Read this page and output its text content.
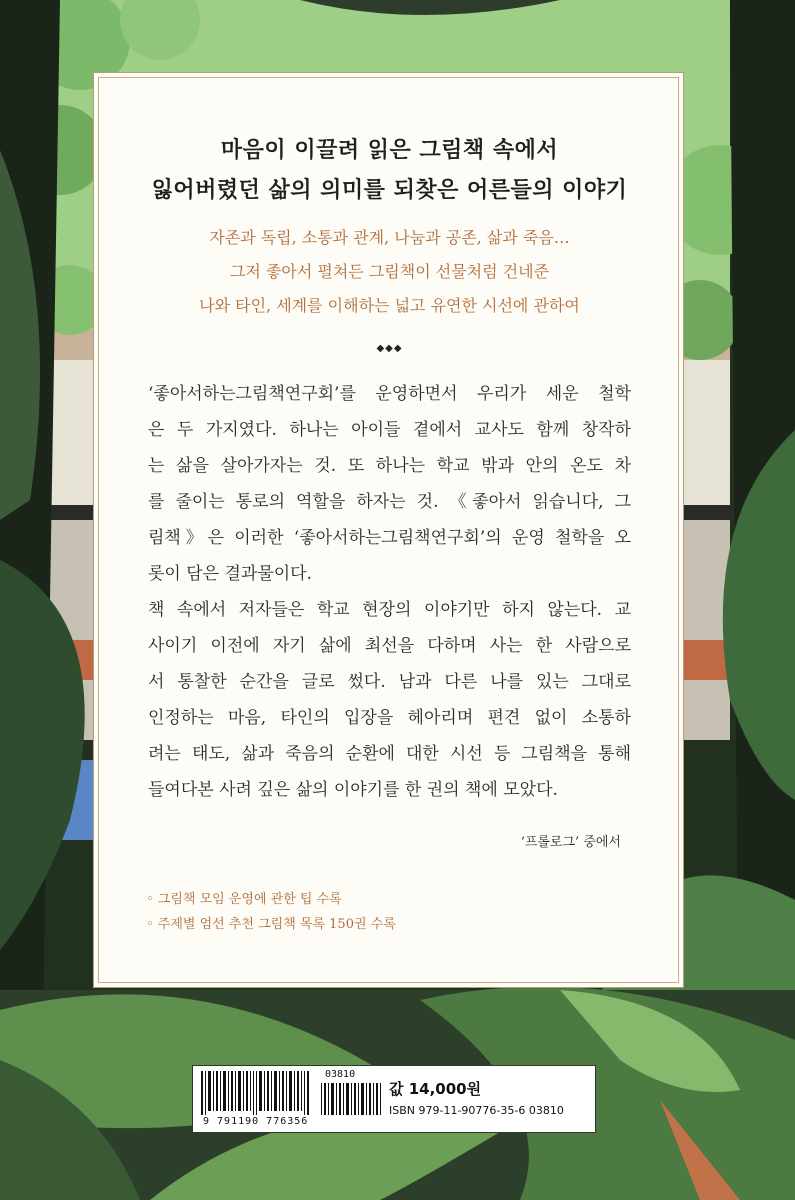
마음이 이끌려 읽은 그림책 속에서
잃어버렸던 삶의 의미를 되찾은 어른들의 이야기
자존과 독립, 소통과 관계, 나눔과 공존, 삶과 죽음…
그저 좋아서 펼쳐든 그림책이 선물처럼 건네준
나와 타인, 세계를 이해하는 넓고 유연한 시선에 관하여
◆◆◆
‘좋아서하는그림책연구회’를 운영하면서 우리가 세운 철학
은 두 가지였다. 하나는 아이들 곁에서 교사도 함께 창작하
는 삶을 살아가자는 것. 또 하나는 학교 밖과 안의 온도 차
를 줄이는 통로의 역할을 하자는 것. 《좋아서 읽습니다, 그
림책》은 이러한 ‘좋아서하는그림책연구회’의 운영 철학을 오
롯이 담은 결과물이다.
책 속에서 저자들은 학교 현장의 이야기만 하지 않는다. 교
사이기 이전에 자기 삶에 최선을 다하며 사는 한 사람으로
서 통찰한 순간을 글로 썼다. 남과 다른 나를 있는 그대로
인정하는 마음, 타인의 입장을 헤아리며 편견 없이 소통하
려는 태도, 삶과 죽음의 순환에 대한 시선 등 그림책을 통해
들여다본 사려 깊은 삶의 이야기를 한 권의 책에 모았다.
‘프롤로그’ 중에서
◦ 그림책 모임 운영에 관한 팁 수록
◦ 주제별 엄선 추천 그림책 목록 150권 수록
03810
9 791190 776356
값 14,000원
ISBN 979-11-90776-35-6 03810
